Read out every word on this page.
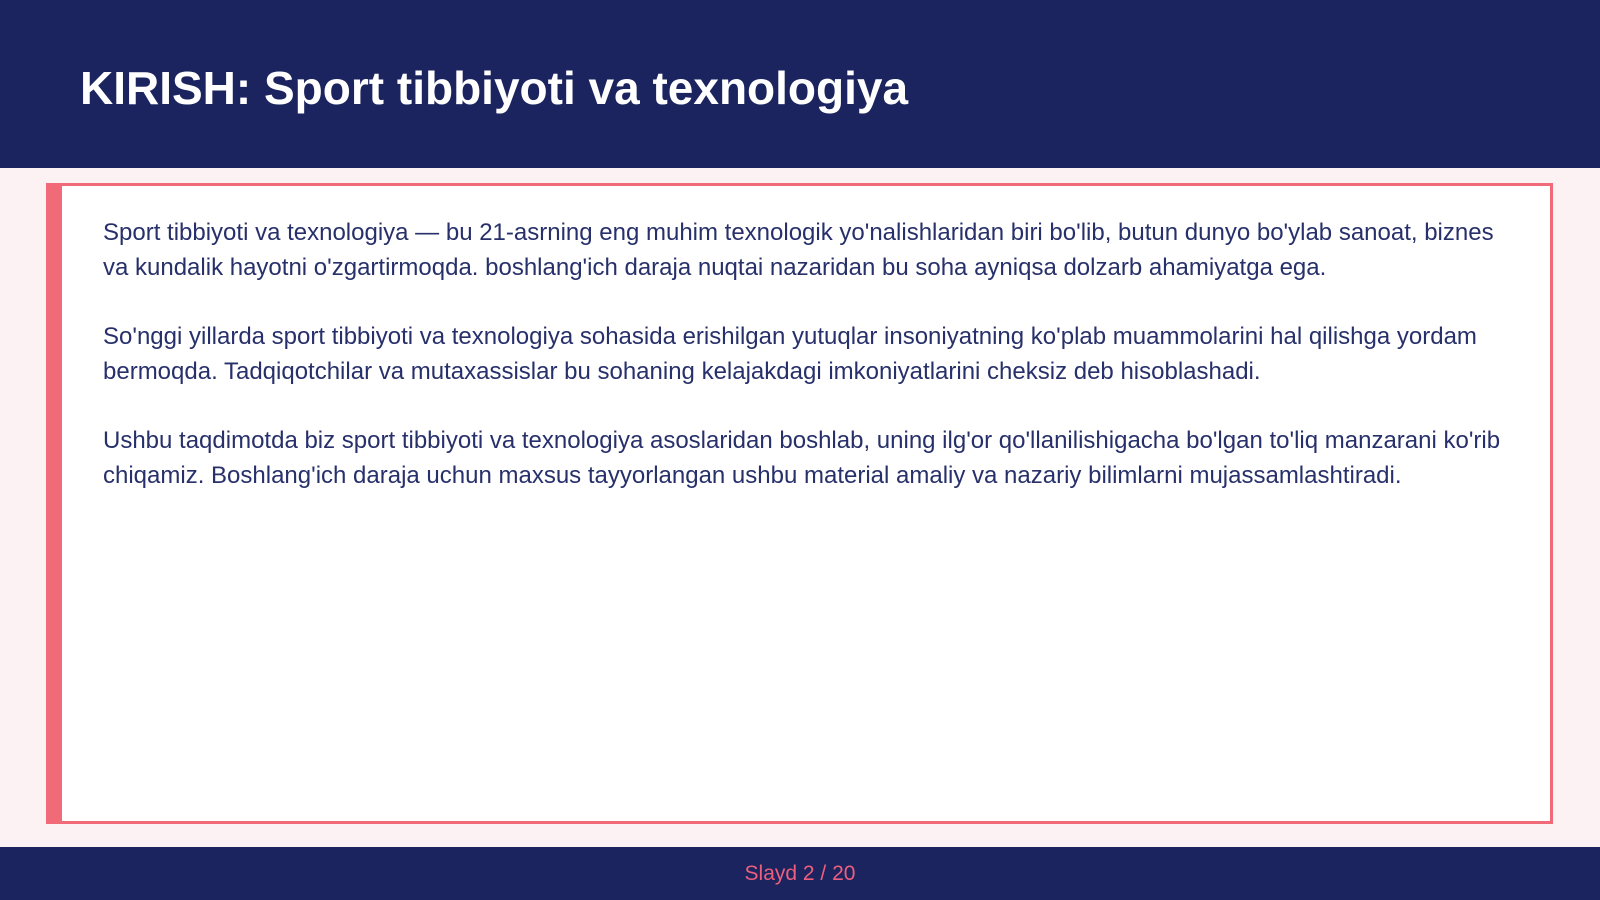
KIRISH: Sport tibbiyoti va texnologiya

Sport tibbiyoti va texnologiya — bu 21-asrning eng muhim texnologik yo'nalishlaridan biri bo'lib, butun dunyo bo'ylab sanoat, biznes va kundalik hayotni o'zgartirmoqda. boshlang'ich daraja nuqtai nazaridan bu soha ayniqsa dolzarb ahamiyatga ega.

So'nggi yillarda sport tibbiyoti va texnologiya sohasida erishilgan yutuqlar insoniyatning ko'plab muammolarini hal qilishga yordam bermoqda. Tadqiqotchilar va mutaxassislar bu sohaning kelajakdagi imkoniyatlarini cheksiz deb hisoblashadi.

Ushbu taqdimotda biz sport tibbiyoti va texnologiya asoslaridan boshlab, uning ilg'or qo'llanilishigacha bo'lgan to'liq manzarani ko'rib chiqamiz. Boshlang'ich daraja uchun maxsus tayyorlangan ushbu material amaliy va nazariy bilimlarni mujassamlashtiradi.

Slayd 2 / 20
